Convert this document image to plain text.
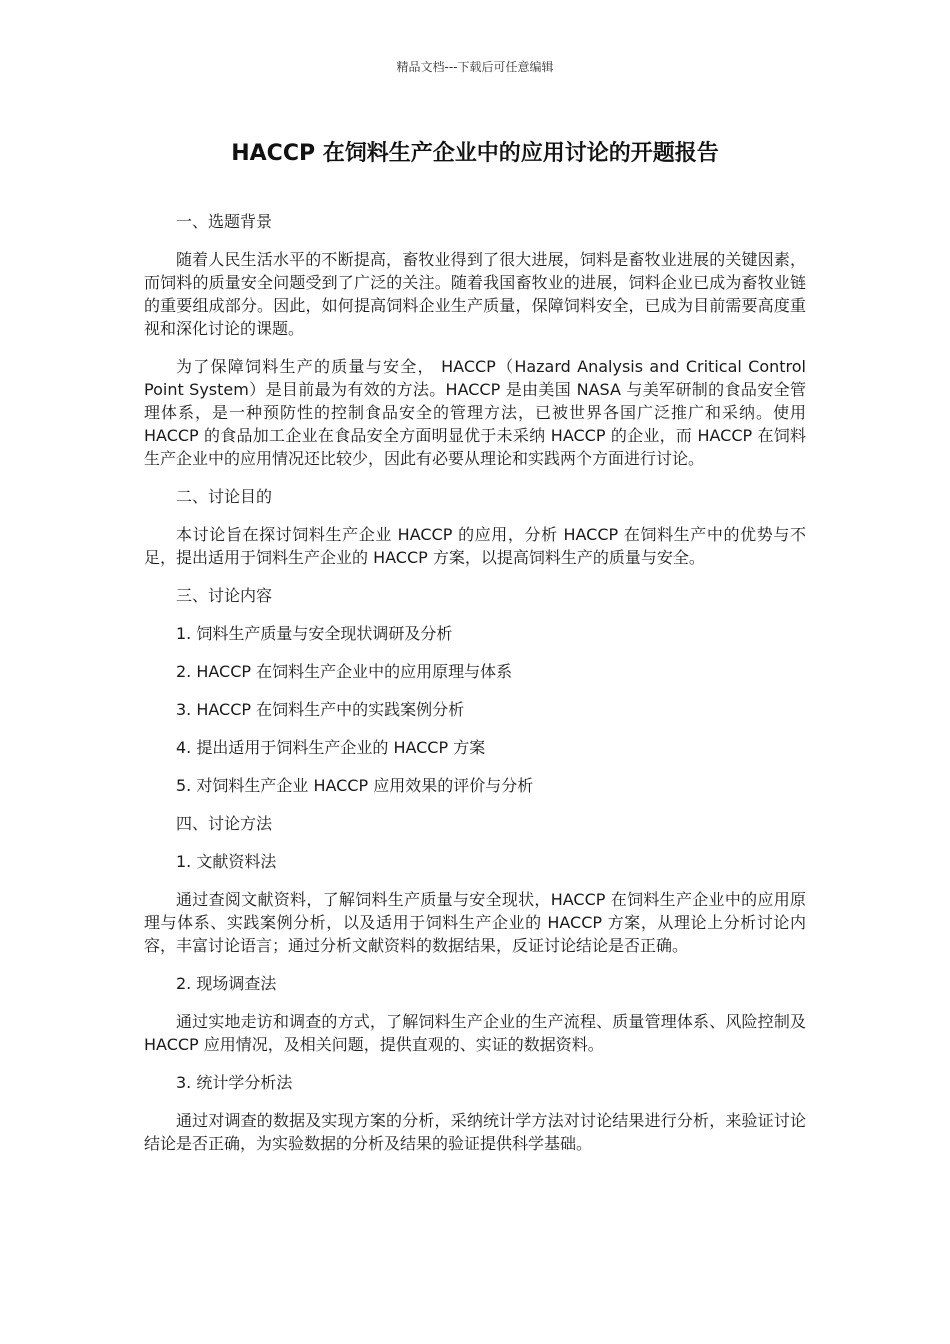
精品文档---下载后可任意编辑
HACCP 在饲料生产企业中的应用讨论的开题报告
一、选题背景
随着人民生活水平的不断提高，畜牧业得到了很大进展，饲料是畜牧业进展的关键因素，而饲料的质量安全问题受到了广泛的关注。随着我国畜牧业的进展，饲料企业已成为畜牧业链的重要组成部分。因此，如何提高饲料企业生产质量，保障饲料安全，已成为目前需要高度重视和深化讨论的课题。
为了保障饲料生产的质量与安全， HACCP（Hazard Analysis and Critical Control Point System）是目前最为有效的方法。HACCP 是由美国 NASA 与美军研制的食品安全管理体系，是一种预防性的控制食品安全的管理方法，已被世界各国广泛推广和采纳。使用 HACCP 的食品加工企业在食品安全方面明显优于未采纳 HACCP 的企业，而 HACCP 在饲料生产企业中的应用情况还比较少，因此有必要从理论和实践两个方面进行讨论。
二、讨论目的
本讨论旨在探讨饲料生产企业 HACCP 的应用，分析 HACCP 在饲料生产中的优势与不足，提出适用于饲料生产企业的 HACCP 方案，以提高饲料生产的质量与安全。
三、讨论内容
1. 饲料生产质量与安全现状调研及分析
2. HACCP 在饲料生产企业中的应用原理与体系
3. HACCP 在饲料生产中的实践案例分析
4. 提出适用于饲料生产企业的 HACCP 方案
5. 对饲料生产企业 HACCP 应用效果的评价与分析
四、讨论方法
1. 文献资料法
通过查阅文献资料，了解饲料生产质量与安全现状，HACCP 在饲料生产企业中的应用原理与体系、实践案例分析，以及适用于饲料生产企业的 HACCP 方案，从理论上分析讨论内容，丰富讨论语言；通过分析文献资料的数据结果，反证讨论结论是否正确。
2. 现场调查法
通过实地走访和调查的方式，了解饲料生产企业的生产流程、质量管理体系、风险控制及 HACCP 应用情况，及相关问题，提供直观的、实证的数据资料。
3. 统计学分析法
通过对调查的数据及实现方案的分析，采纳统计学方法对讨论结果进行分析，来验证讨论结论是否正确，为实验数据的分析及结果的验证提供科学基础。
